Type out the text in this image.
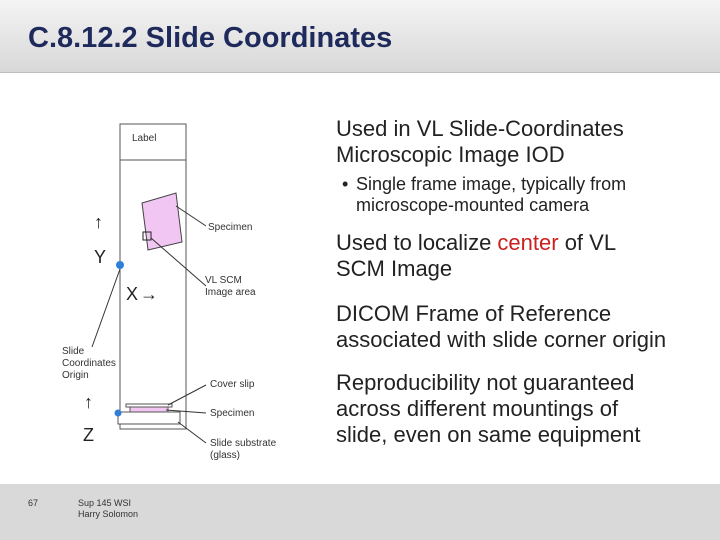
C.8.12.2 Slide Coordinates
Label
Specimen
VL SCM
Image area
↑
Y
X →
Slide
Coordinates
Origin
Cover slip
Specimen
↑
Z	Slide substrate
(glass)
Used in VL Slide-Coordinates
Microscopic Image IOD
• Single frame image, typically from
microscope-mounted camera
Used to localize center of VL
SCM Image
DICOM Frame of Reference
associated with slide corner origin
Reproducibility not guaranteed
across different mountings of
slide, even on same equipment
67	Sup 145 WSI
Harry Solomon
